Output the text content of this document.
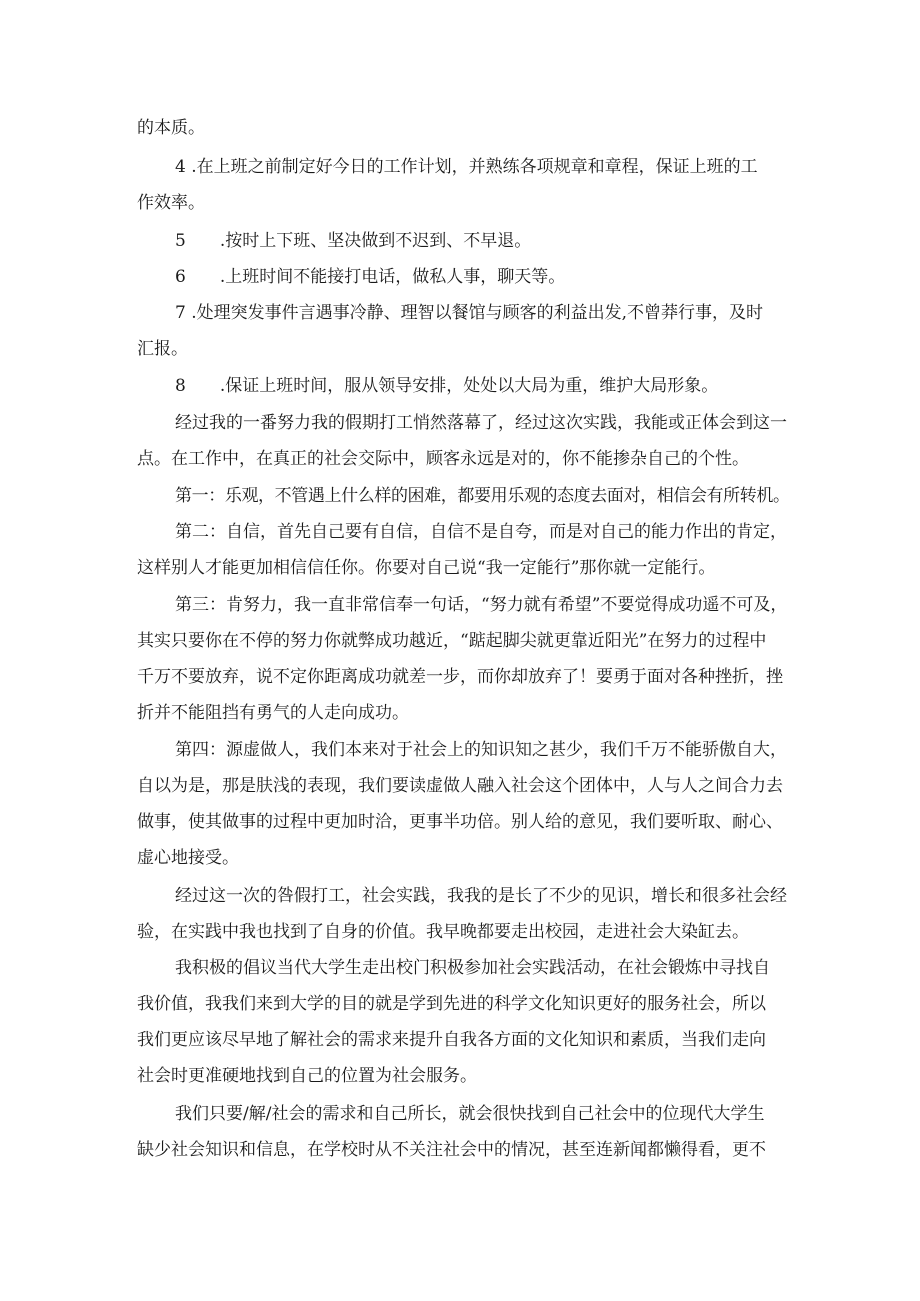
的本质。

4 .在上班之前制定好今日的工作计划，并熟练各项规章和章程，保证上班的工

作效率。

5　　.按时上下班、坚决做到不迟到、不早退。

6　　.上班时间不能接打电话，做私人事，聊天等。

7 .处理突发事件言遇事冷静、理智以餐馆与顾客的利益出发,不曾莽行事，及时

汇报。

8　　.保证上班时间，服从领导安排，处处以大局为重，维护大局形象。

经过我的一番努力我的假期打工悄然落幕了，经过这次实践，我能或正体会到这一

点。在工作中，在真正的社会交际中，顾客永远是对的，你不能掺杂自己的个性。

第一：乐观，不管遇上什么样的困难，都要用乐观的态度去面对，相信会有所转机。

第二：自信，首先自己要有自信，自信不是自夸，而是对自己的能力作出的肯定，

这样别人才能更加相信信任你。你要对自己说“我一定能行”那你就一定能行。

第三：肯努力，我一直非常信奉一句话，“努力就有希望”不要觉得成功遥不可及，

其实只要你在不停的努力你就弊成功越近，“踮起脚尖就更靠近阳光”在努力的过程中

千万不要放弃，说不定你距离成功就差一步，而你却放弃了！要勇于面对各种挫折，挫

折并不能阻挡有勇气的人走向成功。

第四：源虚做人，我们本来对于社会上的知识知之甚少，我们千万不能骄傲自大，

自以为是，那是肤浅的表现，我们要读虚做人融入社会这个团体中，人与人之间合力去

做事，使其做事的过程中更加时洽，更事半功倍。别人给的意见，我们要听取、耐心、

虚心地接受。

经过这一次的咎假打工，社会实践，我我的是长了不少的见识，增长和很多社会经

验，在实践中我也找到了自身的价值。我早晚都要走出校园，走进社会大染缸去。

我积极的倡议当代大学生走出校门积极参加社会实践活动，在社会锻炼中寻找自

我价值，我我们来到大学的目的就是学到先进的科学文化知识更好的服务社会，所以

我们更应该尽早地了解社会的需求来提升自我各方面的文化知识和素质，当我们走向

社会时更准硬地找到自己的位置为社会服务。

我们只要/解/社会的需求和自己所长，就会很快找到自己社会中的位现代大学生

缺少社会知识和信息，在学校时从不关注社会中的情况，甚至连新闻都懒得看，更不
